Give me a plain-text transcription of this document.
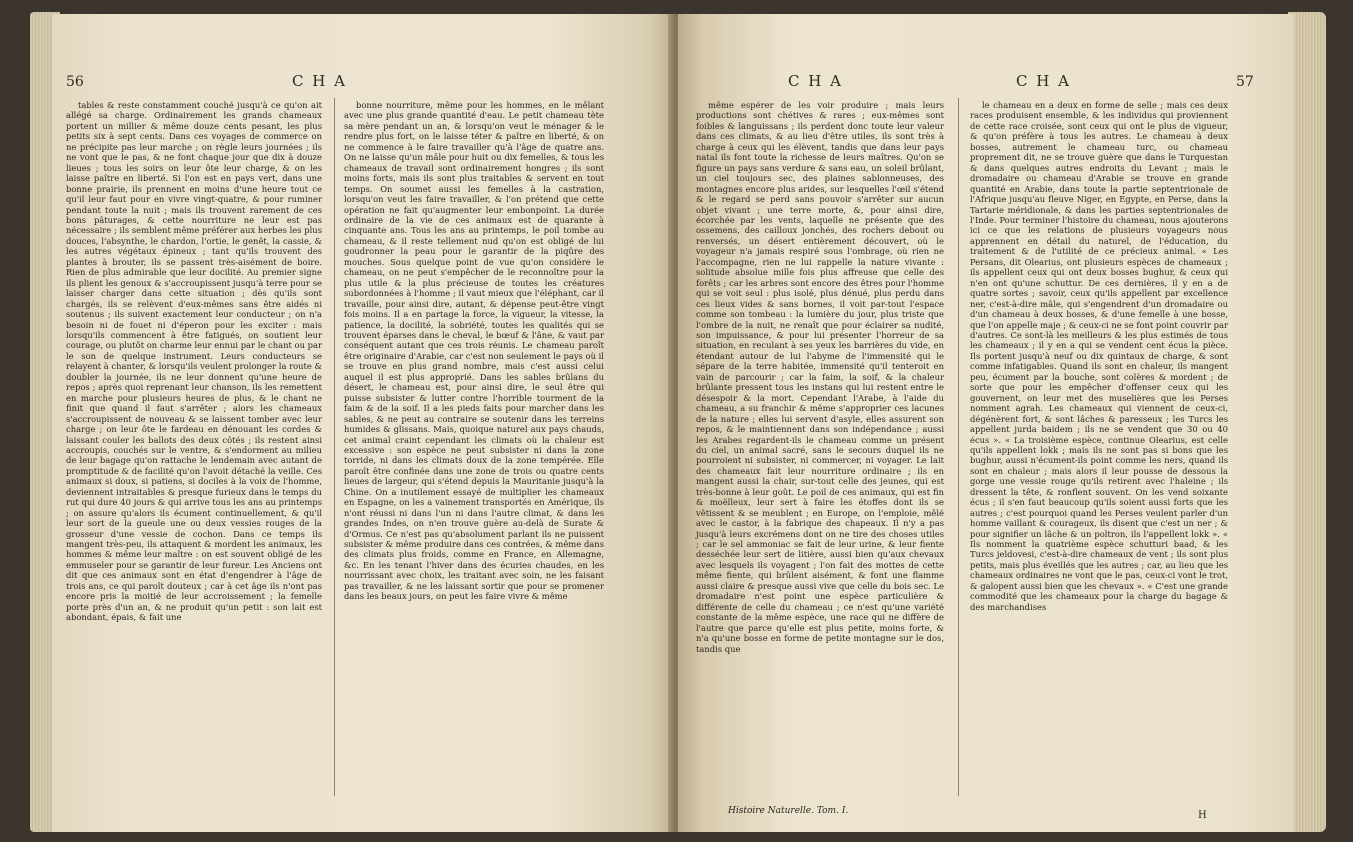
56	C H A

tables & reste constamment couché jusqu'à ce qu'on ait allégé sa charge. Ordinairement les grands chameaux portent un millier & même douze cents pesant, les plus petits six à sept cents. Dans ces voyages de commerce on ne précipite pas leur marche ; on règle leurs journées ; ils ne vont que le pas, & ne font chaque jour que dix à douze lieues ; tous les soirs on leur ôte leur charge, & on les laisse paître en liberté. Si l'on est en pays vert, dans une bonne prairie, ils prennent en moins d'une heure tout ce qu'il leur faut pour en vivre vingt-quatre, & pour ruminer pendant toute la nuit ; mais ils trouvent rarement de ces bons pâturages, & cette nourriture ne leur est pas nécessaire ; ils semblent même préférer aux herbes les plus douces, l'absynthe, le chardon, l'ortie, le genêt, la cassie, & les autres végétaux épineux ; tant qu'ils trouvent des plantes à brouter, ils se passent très-aisément de boire. Rien de plus admirable que leur docilité. Au premier signe ils plient les genoux & s'accroupissent jusqu'à terre pour se laisser charger dans cette situation ; dès qu'ils sont chargés, ils se relèvent d'eux-mêmes sans être aidés ni soutenus ; ils suivent exactement leur conducteur ; on n'a besoin ni de fouet ni d'éperon pour les exciter : mais lorsqu'ils commencent à être fatigués, on soutient leur courage, ou plutôt on charme leur ennui par le chant ou par le son de quelque instrument. Leurs conducteurs se relayent à chanter, & lorsqu'ils veulent prolonger la route & doubler la journée, ils ne leur donnent qu'une heure de repos ; après quoi reprenant leur chanson, ils les remettent en marche pour plusieurs heures de plus, & le chant ne finit que quand il faut s'arrêter ; alors les chameaux s'accroupissent de nouveau & se laissent tomber avec leur charge ; on leur ôte le fardeau en dénouant les cordes & laissant couler les ballots des deux côtés ; ils restent ainsi accroupis, couchés sur le ventre, & s'endorment au milieu de leur bagage qu'on rattache le lendemain avec autant de promptitude & de facilité qu'on l'avoit détaché la veille. Ces animaux si doux, si patiens, si dociles à la voix de l'homme, deviennent intraitables & presque furieux dans le temps du rut qui dure 40 jours & qui arrive tous les ans au printemps ; on assure qu'alors ils écument continuellement, & qu'il leur sort de la gueule une ou deux vessies rouges de la grosseur d'une vessie de cochon. Dans ce temps ils mangent très-peu, ils attaquent & mordent les animaux, les hommes & même leur maître : on est souvent obligé de les emmuseler pour se garantir de leur fureur. Les Anciens ont dit que ces animaux sont en état d'engendrer à l'âge de trois ans, ce qui paroît douteux ; car à cet âge ils n'ont pas encore pris la moitié de leur accroissement ; la femelle porte près d'un an, & ne produit qu'un petit : son lait est abondant, épais, & fait une

bonne nourriture, même pour les hommes, en le mêlant avec une plus grande quantité d'eau. Le petit chameau tète sa mère pendant un an, & lorsqu'on veut le ménager & le rendre plus fort, on le laisse téter & paître en liberté, & on ne commence à le faire travailler qu'à l'âge de quatre ans. On ne laisse qu'un mâle pour huit ou dix femelles, & tous les chameaux de travail sont ordinairement hongres ; ils sont moins forts, mais ils sont plus traitables & servent en tout temps. On soumet aussi les femelles à la castration, lorsqu'on veut les faire travailler, & l'on prétend que cette opération ne fait qu'augmenter leur embonpoint. La durée ordinaire de la vie de ces animaux est de quarante à cinquante ans. Tous les ans au printemps, le poil tombe au chameau, & il reste tellement nud qu'on est obligé de lui goudronner la peau pour le garantir de la piqûre des mouches. Sous quelque point de vue qu'on considère le chameau, on ne peut s'empêcher de le reconnoître pour la plus utile & la plus précieuse de toutes les créatures subordonnées à l'homme ; il vaut mieux que l'éléphant, car il travaille, pour ainsi dire, autant, & dépense peut-être vingt fois moins. Il a en partage la force, la vigueur, la vitesse, la patience, la docilité, la sobriété, toutes les qualités qui se trouvent éparses dans le cheval, le bœuf & l'âne, & vaut par conséquent autant que ces trois réunis. Le chameau paroît être originaire d'Arabie, car c'est non seulement le pays où il se trouve en plus grand nombre, mais c'est aussi celui auquel il est plus approprié. Dans les sables brûlans du désert, le chameau est, pour ainsi dire, le seul être qui puisse subsister & lutter contre l'horrible tourment de la faim & de la soif. Il a les pieds faits pour marcher dans les sables, & ne peut au contraire se soutenir dans les terreins humides & glissans. Mais, quoique naturel aux pays chauds, cet animal craint cependant les climats où la chaleur est excessive : son espèce ne peut subsister ni dans la zone torride, ni dans les climats doux de la zone tempérée. Elle paroît être confinée dans une zone de trois ou quatre cents lieues de largeur, qui s'étend depuis la Mauritanie jusqu'à la Chine. On a inutilement essayé de multiplier les chameaux en Espagne, on les a vainement transportés en Amérique, ils n'ont réussi ni dans l'un ni dans l'autre climat, & dans les grandes Indes, on n'en trouve guère au-delà de Surate & d'Ormus. Ce n'est pas qu'absolument parlant ils ne puissent subsister & même produire dans ces contrées, & même dans des climats plus froids, comme en France, en Allemagne, &c. En les tenant l'hiver dans des écuries chaudes, en les nourrissant avec choix, les traitant avec soin, ne les faisant pas travailler, & ne les laissant sortir que pour se promener dans les beaux jours, on peut les faire vivre & même

C H A	C H A	57

même espérer de les voir produire ; mais leurs productions sont chétives & rares ; eux-mêmes sont foibles & languissans ; ils perdent donc toute leur valeur dans ces climats, & au lieu d'être utiles, ils sont très à charge à ceux qui les élèvent, tandis que dans leur pays natal ils font toute la richesse de leurs maîtres. Qu'on se figure un pays sans verdure & sans eau, un soleil brûlant, un ciel toujours sec, des plaines sablonneuses, des montagnes encore plus arides, sur lesquelles l'œil s'étend & le regard se perd sans pouvoir s'arrêter sur aucun objet vivant ; une terre morte, &, pour ainsi dire, écorchée par les vents, laquelle ne présente que des ossemens, des cailloux jonchés, des rochers debout ou renversés, un désert entièrement découvert, où le voyageur n'a jamais respiré sous l'ombrage, où rien ne l'accompagne, rien ne lui rappelle la nature vivante : solitude absolue mille fois plus affreuse que celle des forêts ; car les arbres sont encore des êtres pour l'homme qui se voit seul : plus isolé, plus dénué, plus perdu dans ces lieux vides & sans bornes, il voit par-tout l'espace comme son tombeau : la lumière du jour, plus triste que l'ombre de la nuit, ne renaît que pour éclairer sa nudité, son impuissance, & pour lui présenter l'horreur de sa situation, en reculant à ses yeux les barrières du vide, en étendant autour de lui l'abyme de l'immensité qui le sépare de la terre habitée, immensité qu'il tenteroit en vain de parcourir ; car la faim, la soif, & la chaleur brûlante pressent tous les instans qui lui restent entre le désespoir & la mort. Cependant l'Arabe, à l'aide du chameau, a su franchir & même s'approprier ces lacunes de la nature ; elles lui servent d'asyle, elles assurent son repos, & le maintiennent dans son indépendance ; aussi les Arabes regardent-ils le chameau comme un présent du ciel, un animal sacré, sans le secours duquel ils ne pourroient ni subsister, ni commercer, ni voyager. Le lait des chameaux fait leur nourriture ordinaire ; ils en mangent aussi la chair, sur-tout celle des jeunes, qui est très-bonne à leur goût. Le poil de ces animaux, qui est fin & moëlleux, leur sert à faire les étoffes dont ils se vêtissent & se meublent ; en Europe, on l'emploie, mêlé avec le castor, à la fabrique des chapeaux. Il n'y a pas jusqu'à leurs excrémens dont on ne tire des choses utiles ; car le sel ammoniac se fait de leur urine, & leur fiente desséchée leur sert de litière, aussi bien qu'aux chevaux avec lesquels ils voyagent ; l'on fait des mottes de cette même fiente, qui brûlent aisément, & font une flamme aussi claire & presque aussi vive que celle du bois sec. Le dromadaire n'est point une espèce particulière & différente de celle du chameau ; ce n'est qu'une variété constante de la même espèce, une race qui ne diffère de l'autre que parce qu'elle est plus petite, moins forte, & n'a qu'une bosse en forme de petite montagne sur le dos, tandis que

le chameau en a deux en forme de selle ; mais ces deux races produisent ensemble, & les individus qui proviennent de cette race croisée, sont ceux qui ont le plus de vigueur, & qu'on préfère à tous les autres. Le chameau à deux bosses, autrement le chameau turc, ou chameau proprement dit, ne se trouve guère que dans le Turquestan & dans quelques autres endroits du Levant ; mais le dromadaire ou chameau d'Arabie se trouve en grande quantité en Arabie, dans toute la partie septentrionale de l'Afrique jusqu'au fleuve Niger, en Egypte, en Perse, dans la Tartarie méridionale, & dans les parties septentrionales de l'Inde. Pour terminer l'histoire du chameau, nous ajouterons ici ce que les relations de plusieurs voyageurs nous apprennent en détail du naturel, de l'éducation, du traitement & de l'utilité de ce précieux animal. « Les Persans, dit Olearius, ont plusieurs espèces de chameaux ; ils appellent ceux qui ont deux bosses bughur, & ceux qui n'en ont qu'une schuttur. De ces dernières, il y en a de quatre sortes ; savoir, ceux qu'ils appellent par excellence ner, c'est-à-dire mâle, qui s'engendrent d'un dromadaire ou d'un chameau à deux bosses, & d'une femelle à une bosse, que l'on appelle maje ; & ceux-ci ne se font point couvrir par d'autres. Ce sont-là les meilleurs & les plus estimés de tous les chameaux ; il y en a qui se vendent cent écus la pièce. Ils portent jusqu'à neuf ou dix quintaux de charge, & sont comme infatigables. Quand ils sont en chaleur, ils mangent peu, écument par la bouche, sont colères & mordent ; de sorte que pour les empêcher d'offenser ceux qui les gouvernent, on leur met des muselières que les Perses nomment agrah. Les chameaux qui viennent de ceux-ci, dégénèrent fort, & sont lâches & paresseux ; les Turcs les appellent jurda baidem ; ils ne se vendent que 30 ou 40 écus ». « La troisième espèce, continue Olearius, est celle qu'ils appellent lokk ; mais ils ne sont pas si bons que les bughur, aussi n'écument-ils point comme les ners, quand ils sont en chaleur ; mais alors il leur pousse de dessous la gorge une vessie rouge qu'ils retirent avec l'haleine ; ils dressent la tête, & ronflent souvent. On les vend soixante écus ; il s'en faut beaucoup qu'ils soient aussi forts que les autres ; c'est pourquoi quand les Perses veulent parler d'un homme vaillant & courageux, ils disent que c'est un ner ; & pour signifier un lâche & un poltron, ils l'appellent lokk ». « Ils nomment la quatrième espèce schutturi baad, & les Turcs jeldovesi, c'est-à-dire chameaux de vent ; ils sont plus petits, mais plus éveillés que les autres ; car, au lieu que les chameaux ordinaires ne vont que le pas, ceux-ci vont le trot, & galopent aussi bien que les chevaux ». « C'est une grande commodité que les chameaux pour la charge du bagage & des marchandises

Histoire Naturelle. Tom. I.	H
